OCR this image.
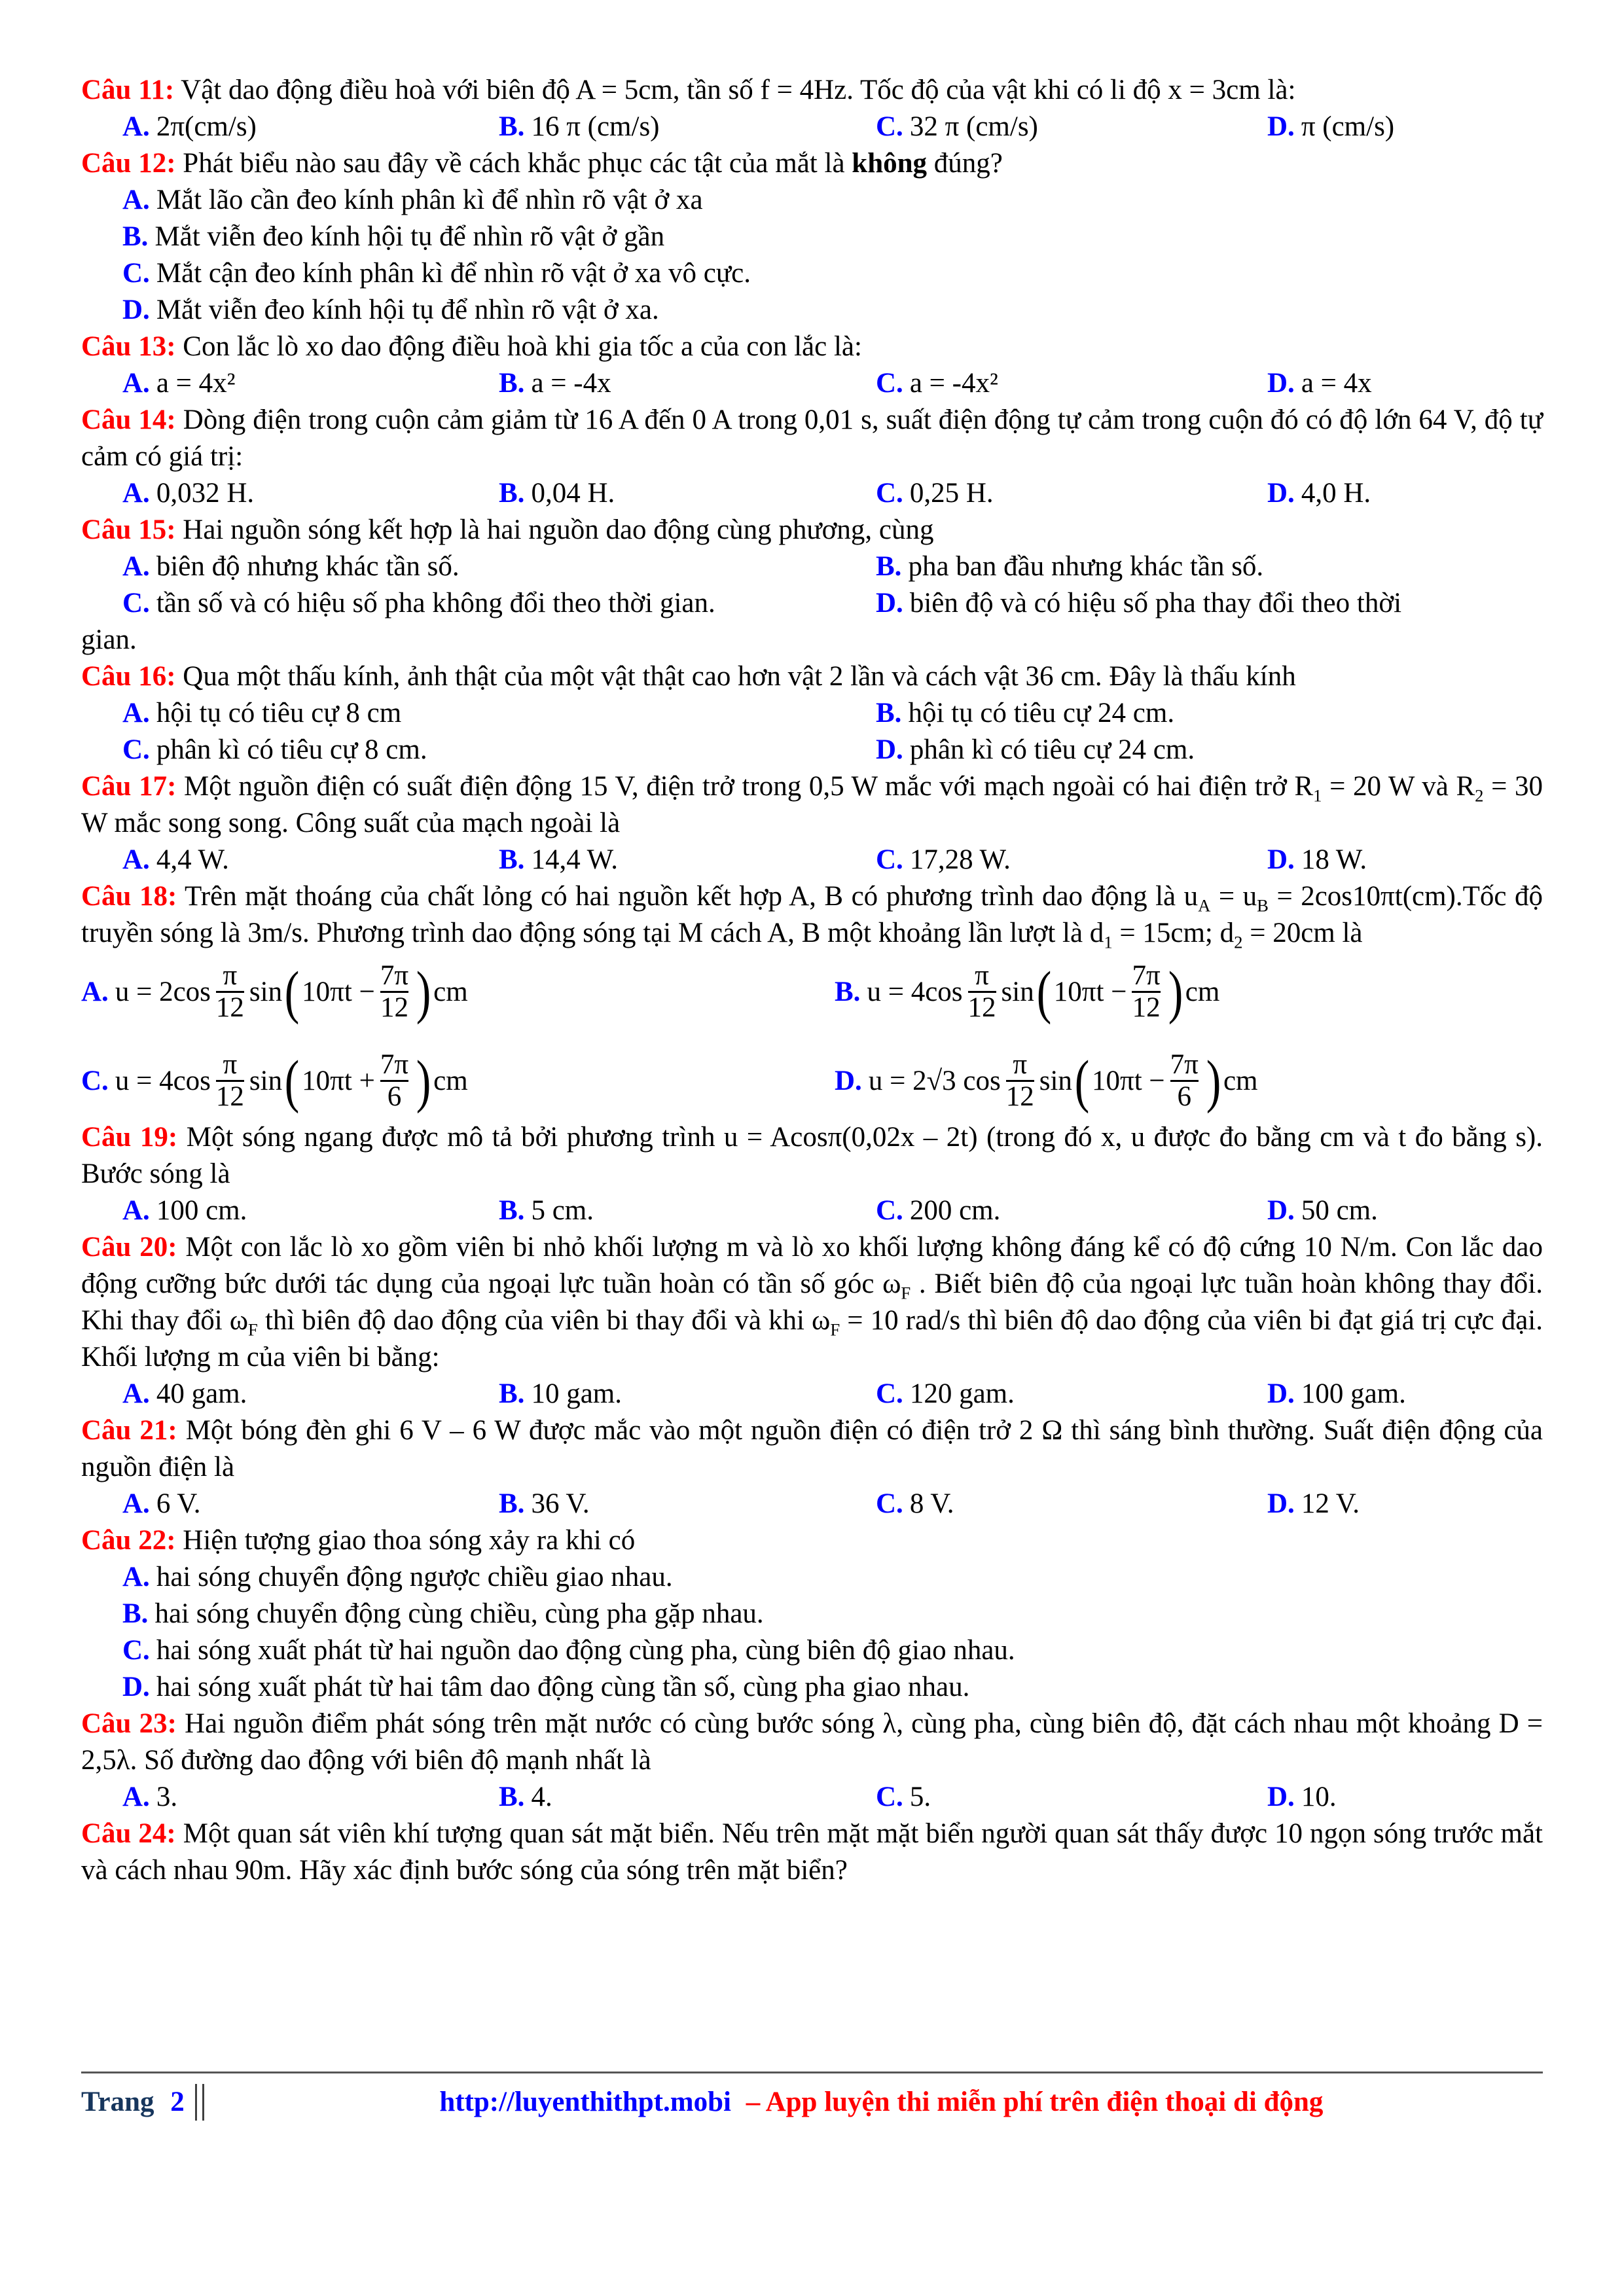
Câu 11: Vật dao động điều hoà với biên độ A = 5cm, tần số f = 4Hz. Tốc độ của vật khi có li độ x = 3cm là:
A. 2π(cm/s)	B. 16 π (cm/s)	C. 32 π (cm/s)	D. π (cm/s)
Câu 12: Phát biểu nào sau đây về cách khắc phục các tật của mắt là không đúng?
A. Mắt lão cần đeo kính phân kì để nhìn rõ vật ở xa
B. Mắt viễn đeo kính hội tụ để nhìn rõ vật ở gần
C. Mắt cận đeo kính phân kì để nhìn rõ vật ở xa vô cực.
D. Mắt viễn đeo kính hội tụ để nhìn rõ vật ở xa.
Câu 13: Con lắc lò xo dao động điều hoà khi gia tốc a của con lắc là:
A. a = 4x²	B. a = -4x	C. a = -4x²	D. a = 4x
Câu 14: Dòng điện trong cuộn cảm giảm từ 16 A đến 0 A trong 0,01 s, suất điện động tự cảm trong cuộn đó có độ lớn 64 V, độ tự cảm có giá trị:
A. 0,032 H.	B. 0,04 H.	C. 0,25 H.	D. 4,0 H.
Câu 15: Hai nguồn sóng kết hợp là hai nguồn dao động cùng phương, cùng
A. biên độ nhưng khác tần số.	B. pha ban đầu nhưng khác tần số.
C. tần số và có hiệu số pha không đổi theo thời gian.	D. biên độ và có hiệu số pha thay đổi theo thời
gian.
Câu 16: Qua một thấu kính, ảnh thật của một vật thật cao hơn vật 2 lần và cách vật 36 cm. Đây là thấu kính
A. hội tụ có tiêu cự 8 cm	B. hội tụ có tiêu cự 24 cm.
C. phân kì có tiêu cự 8 cm.	D. phân kì có tiêu cự 24 cm.
Câu 17: Một nguồn điện có suất điện động 15 V, điện trở trong 0,5 W mắc với mạch ngoài có hai điện trở $R_1 = 20$ W và $R_2 = 30$ W mắc song song. Công suất của mạch ngoài là
A. 4,4 W.	B. 14,4 W.	C. 17,28 W.	D. 18 W.
Câu 18: Trên mặt thoáng của chất lỏng có hai nguồn kết hợp A, B có phương trình dao động là $u_A = u_B$ = 2cos10πt(cm).Tốc độ truyền sóng là 3m/s. Phương trình dao động sóng tại M cách A, B một khoảng lần lượt là $d_1 = 15cm$; $d_2 = 20cm$ là
A. $u = 2\cos \frac{\pi}{12}$ sin ( $10\pi t - \frac{7\pi}{12}$ ) cm	B. $u = 4\cos \frac{\pi}{12}$ sin ( $10\pi t - \frac{7\pi}{12}$ ) cm
C. $u = 4\cos \frac{\pi}{12}$ sin ( $10\pi t + \frac{7\pi}{6}$ ) cm	D. u = 2√3 $\cos \frac{\pi}{12}$ sin ( $10\pi t - \frac{7\pi}{6}$ ) cm
Câu 19: Một sóng ngang được mô tả bởi phương trình u = Acosπ(0,02x – 2t) (trong đó x, u được đo bằng cm và t đo bằng s). Bước sóng là
A. 100 cm.	B. 5 cm.	C. 200 cm.	D. 50 cm.
Câu 20: Một con lắc lò xo gồm viên bi nhỏ khối lượng m và lò xo khối lượng không đáng kể có độ cứng 10 N/m. Con lắc dao động cưỡng bức dưới tác dụng của ngoại lực tuần hoàn có tần số góc $\omega_F$ . Biết biên độ của ngoại lực tuần hoàn không thay đổi. Khi thay đổi $\omega_F$ thì biên độ dao động của viên bi thay đổi và khi $\omega_F = 10$ rad/s thì biên độ dao động của viên bi đạt giá trị cực đại. Khối lượng m của viên bi bằng:
A. 40 gam.	B. 10 gam.	C. 120 gam.	D. 100 gam.
Câu 21: Một bóng đèn ghi 6 V – 6 W được mắc vào một nguồn điện có điện trở 2 Ω thì sáng bình thường. Suất điện động của nguồn điện là
A. 6 V.	B. 36 V.	C. 8 V.	D. 12 V.
Câu 22: Hiện tượng giao thoa sóng xảy ra khi có
A. hai sóng chuyển động ngược chiều giao nhau.
B. hai sóng chuyển động cùng chiều, cùng pha gặp nhau.
C. hai sóng xuất phát từ hai nguồn dao động cùng pha, cùng biên độ giao nhau.
D. hai sóng xuất phát từ hai tâm dao động cùng tần số, cùng pha giao nhau.
Câu 23: Hai nguồn điểm phát sóng trên mặt nước có cùng bước sóng λ, cùng pha, cùng biên độ, đặt cách nhau một khoảng D = 2,5λ. Số đường dao động với biên độ mạnh nhất là
A. 3.	B. 4.	C. 5.	D. 10.
Câu 24: Một quan sát viên khí tượng quan sát mặt biển. Nếu trên mặt mặt biển người quan sát thấy được 10 ngọn sóng trước mắt và cách nhau 90m. Hãy xác định bước sóng của sóng trên mặt biển?
Trang 2	http://luyenthithpt.mobi – App luyện thi miễn phí trên điện thoại di động
